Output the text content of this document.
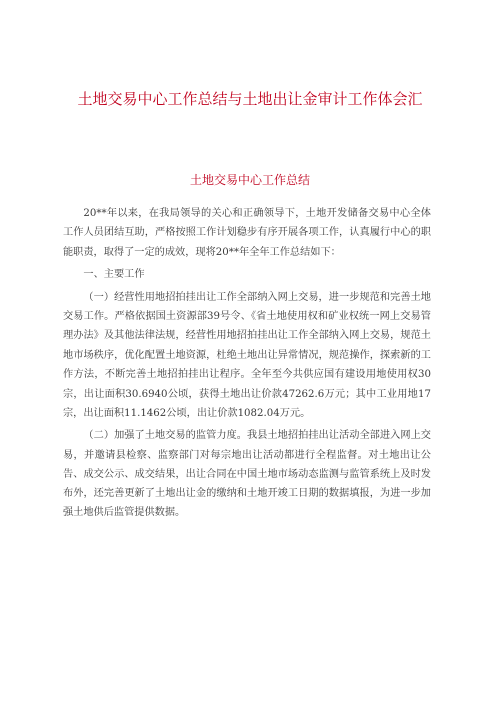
土地交易中心工作总结与土地出让金审计工作体会汇
土地交易中心工作总结

20**年以来，在我局领导的关心和正确领导下，土地开发储备交易中心全体工作人员团结互助，严格按照工作计划稳步有序开展各项工作，认真履行中心的职能职责，取得了一定的成效，现将20**年全年工作总结如下：

一、主要工作

（一）经营性用地招拍挂出让工作全部纳入网上交易，进一步规范和完善土地交易工作。严格依据国土资源部39号令、《省土地使用权和矿业权统一网上交易管理办法》及其他法律法规，经营性用地招拍挂出让工作全部纳入网上交易，规范土地市场秩序，优化配置土地资源，杜绝土地出让异常情况，规范操作，探索新的工作方法，不断完善土地招拍挂出让程序。全年至今共供应国有建设用地使用权30宗，出让面积30.6940公顷，获得土地出让价款47262.6万元；其中工业用地17宗，出让面积11.1462公顷，出让价款1082.04万元。

（二）加强了土地交易的监管力度。我县土地招拍挂出让活动全部进入网上交易，并邀请县检察、监察部门对每宗地出让活动都进行全程监督。对土地出让公告、成交公示、成交结果，出让合同在中国土地市场动态监测与监管系统上及时发布外，还完善更新了土地出让金的缴纳和土地开竣工日期的数据填报，为进一步加强土地供后监管提供数据。
